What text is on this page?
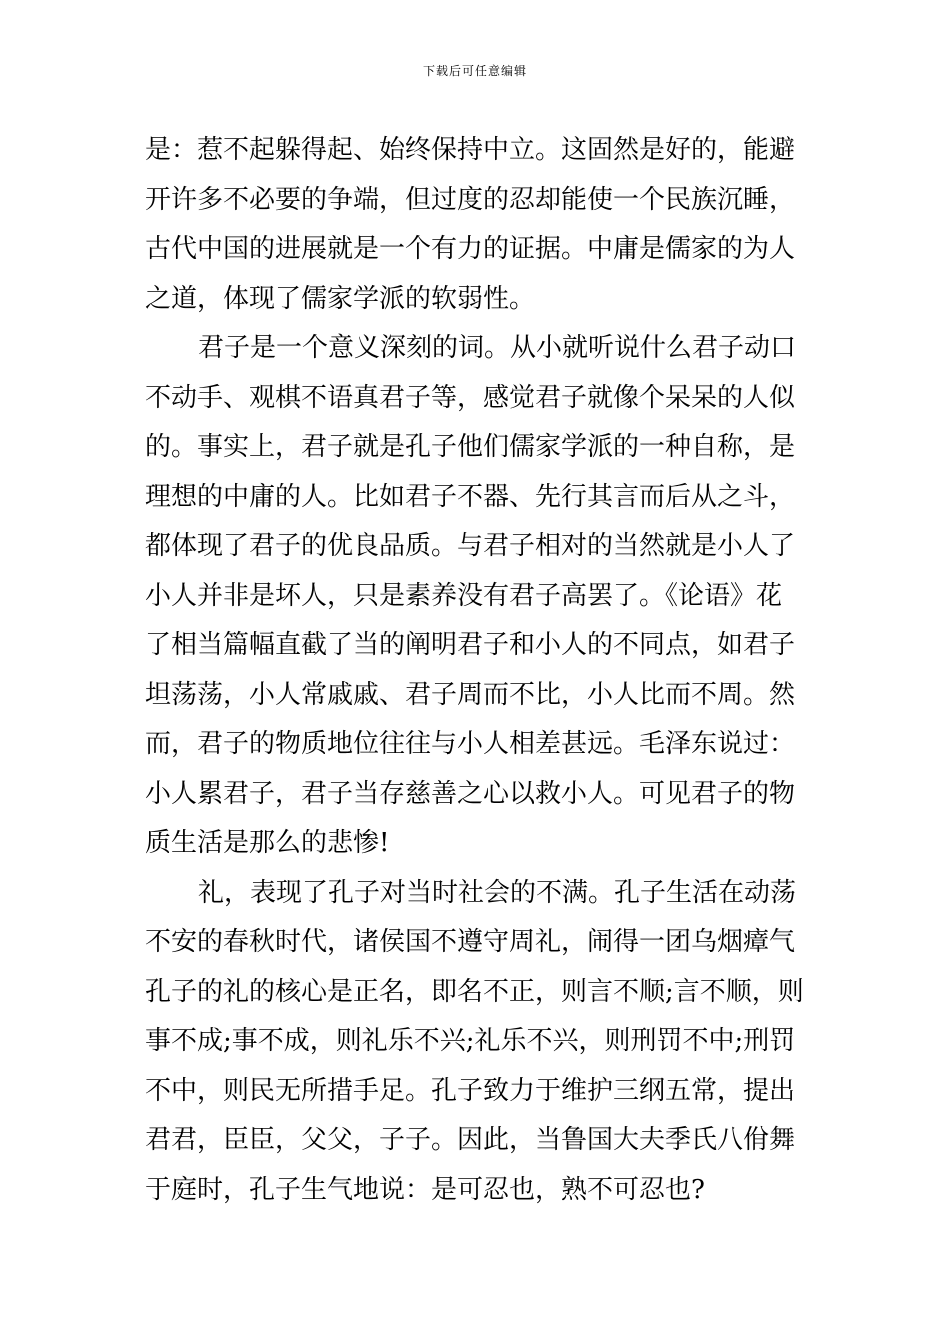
下载后可任意编辑
是：惹不起躲得起、始终保持中立。这固然是好的，能避
开许多不必要的争端，但过度的忍却能使一个民族沉睡，
古代中国的进展就是一个有力的证据。中庸是儒家的为人
之道，体现了儒家学派的软弱性。
君子是一个意义深刻的词。从小就听说什么君子动口
不动手、观棋不语真君子等，感觉君子就像个呆呆的人似
的。事实上，君子就是孔子他们儒家学派的一种自称，是
理想的中庸的人。比如君子不器、先行其言而后从之斗，
都体现了君子的优良品质。与君子相对的当然就是小人了
小人并非是坏人，只是素养没有君子高罢了。《论语》花
了相当篇幅直截了当的阐明君子和小人的不同点，如君子
坦荡荡，小人常戚戚、君子周而不比，小人比而不周。然
而，君子的物质地位往往与小人相差甚远。毛泽东说过：
小人累君子，君子当存慈善之心以救小人。可见君子的物
质生活是那么的悲惨!
礼，表现了孔子对当时社会的不满。孔子生活在动荡
不安的春秋时代，诸侯国不遵守周礼，闹得一团乌烟瘴气
孔子的礼的核心是正名，即名不正，则言不顺;言不顺，则
事不成;事不成，则礼乐不兴;礼乐不兴，则刑罚不中;刑罚
不中，则民无所措手足。孔子致力于维护三纲五常，提出
君君，臣臣，父父，子子。因此，当鲁国大夫季氏八佾舞
于庭时，孔子生气地说：是可忍也，熟不可忍也?
